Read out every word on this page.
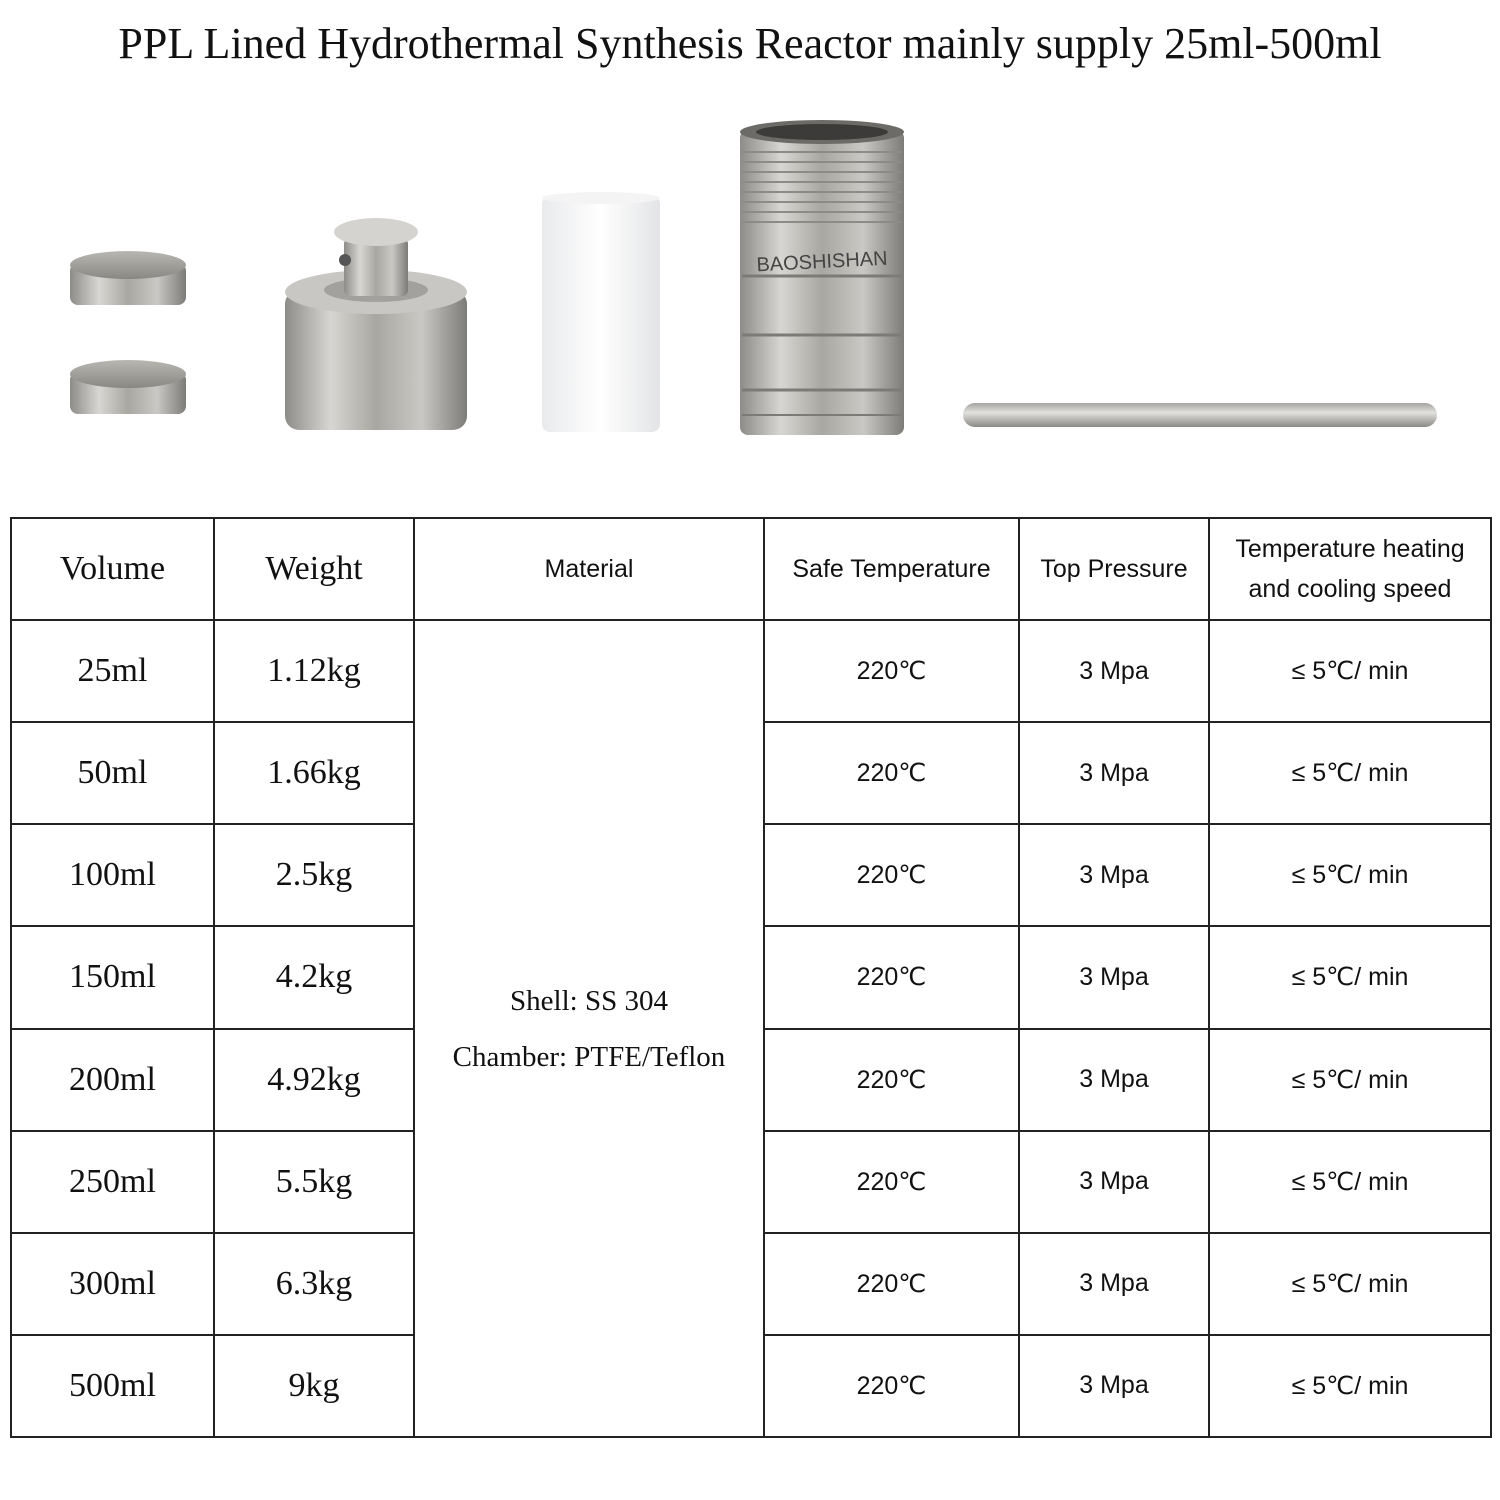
PPL Lined Hydrothermal Synthesis Reactor mainly supply 25ml-500ml
BAOSHISHAN
Volume	Weight	Material	Safe Temperature	Top Pressure	Temperature heating
and cooling speed

25ml	1.12kg	Shell: SS 304
Chamber: PTFE/Teflon	220℃	3 Mpa	≤ 5℃/ min
50ml	1.66kg		220℃	3 Mpa	≤ 5℃/ min
100ml	2.5kg		220℃	3 Mpa	≤ 5℃/ min
150ml	4.2kg		220℃	3 Mpa	≤ 5℃/ min
200ml	4.92kg		220℃	3 Mpa	≤ 5℃/ min
250ml	5.5kg		220℃	3 Mpa	≤ 5℃/ min
300ml	6.3kg		220℃	3 Mpa	≤ 5℃/ min
500ml	9kg		220℃	3 Mpa	≤ 5℃/ min
